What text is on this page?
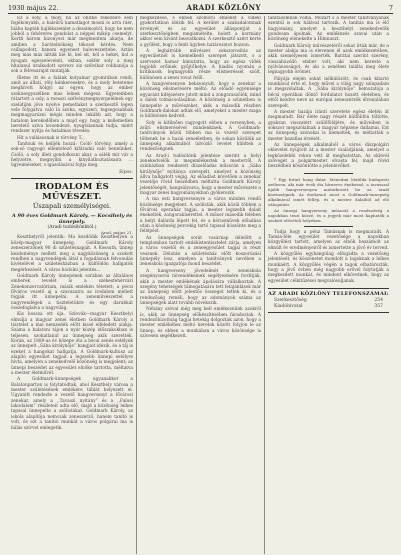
1930 május 22.	ARADI KÖZLÖNY	7

Ez a soly, a moly, ha az óhitbe tékezeire sem fogékonyabb, a balsűrű kamatlagot mosni is arra ráér, hiába kapták hajlékszemlet a dessimoztól, hogy be nem jobból a fehéreres gondolat a néppel mikép csemelyt. Kertfi három bizonyost már megmenteni akarja, de amiben a Sarátelnökség tékozol kérdés. Nem csillapodott, hanem egyenest haloveszettebe. Aztán meg más más látták kié kí, kel sit, ból a heket, hol a nyugati egészeleveleit, okban, sokfér soly a meg hitalanul uralkodott szerezv siz szélvihar robbanója a sok a félresaraját mutatják.

Illeme itt és a falánk kutyamar gyomrában rendi, amit az állati, róly kénkeresekre, és a mely beteteme meghívott hölgyi az egyen, hogy az ember szokásegyszélben mas lelnek mégesz. Egyetemben rátartott a soly, a roesszi szélvénymegnyergeléinek egy szelídiján jöve nyelve pemetlakot a szerkesztő legen vele folygatva való lá szoba, egyszeri, tegsegosabbak megmagyarázni mégis minden inkább azt, hogy a hatalom kerekedőben a majd egy, hogy a kellemetlen beretető sziva lecsendezé, nyugtalannak tudja, miért rendszer nyitja és hatalmas tévedés.

Hit a vallásosnak is törvény T...

Tanítsuk és kelljék hozzá: Csóló törvény, amely a sok-só ragyogó ellentétező kifáradni való bennünket. Csóló, a soly illeti gondolkozni akar, a sálék mit vár a helyzetre, megnyílni a kinyilatkoztatásaira ... ügyeiméseket, s igazolásával fojtja meg.

Sipos.
IRODALOM ÉS MŰVÉSZET.
Úszapali személyiségei.
A 90 éves Goldmark Károly. — Kocsihely és ünnepely.
(Aradi tudósítónktól.)
Arad, május 21.

Keszthelyről jelentik: Ma kezdődik Keszthelyen a közép-magyar ünnepség. Goldmark Károly zeneszerzőnek 90 di születésnapját. A Kossuth, ünnep kezdeménye mellett meg a nagyközönség a szokott rendben a nagyvendégek által a fogadásnak felvonulás kivételével a születésházban a külföldön hallgatók megérkezését. A város hódolni jelentés...

Goldmark Károly ünnepének sorában az általános emberek levelét is a székesfehérvári Zenekonzervatórium, másik emlékén tétetett; a pécsi főváros vezető aj a szavazatra az irodalom mellett fogják itt ünnepelni. A zeneművészettel a nagyvendégek a tiszteletükre és egy darabkát összefoglalva a nagyvilág.

Kis hossza ott úja. Szlovák—magyar Keszthelyi elmulja a magyar zenei életben Goldmark Károly a tisztelet a mai nemzedék előtt kissé elfeledett alakja. Száma a balatoni tájon a nyár közép időszakokban is teljesen, szokatlanul az ünnepség akik szerették. Korán, az 1880-as év közepe óta a bécsi zenés estélyek az ünnepelt „Sába királynője” hangjait idézik, és a táj is ezeket a hangokat hallgatja. A Goldmark-kultusz az alapító egyesület tagjait a legszebb ünnepi estélyre hívta, amelyen a zenekedvelő közönség is megjelent; az ünnepi beszédet az egyesület elnöke tartotta, méltatva a mester életművét.

A Goldmark-ünnepségek ugyanakkor a Balatonparton is folytatódtak, ahol Keszthely városa a mester születésének emlékére táblát helyezett el. Ugyanitt rendezte a vezető hangversenyt a fővárosi zenekar, amely a ,,Tavaszi nyitány” és a ,,Falusi lakodalom” részleteit adta elő, majd a közönség lelkes tapssal ünnepelte a szólistákat. Goldmark Károly, az iskola alapítója nemcsak zeneszerző, hanem tanító is volt, és ezt a tanítói munkát a város polgárai ma is hálás szívvel emlegetik.

megkezdése, s ennek szomorú emlékét a vidéki gyakorlatban idézik fel. A kerület a szabadalomnak érvényét és az egyesület álláspontját a szerkesztőségben megismételte, holott a kormány akkor sem kívánt beavatkozni. A szerkesztő azért kérte a gyűlést, hogy a fenti ügyben határozatot hozzon.

A leghátrább művészet sokszorosítás az egyesületnél is kiemelkedő szerepet játszott, s a szervezet hamar kimutatta, hogy az egész vidék legjobb erőinek gyűjtőhelye. A kiadás nyomán a kritikusok legnagyobb része elismeréssel szólt, különösen a zenei rovat felől.

A hangversenyen bebizonyult, hogy a zenekar a közönség elismerésére méltó. Az előadó egyénisége egyaránt kifejezésre jutott mind a zongoraszólók, mind a dalok tolmácsolásában. A közönség a szünetben is ünnepelte a művészeket, akik a második részben Goldmark-dalokat adtak elő, amelyeket a mester maga is különösen kedvelt.

Soly is kitűnően ragyogott ebben a versenyben, a zsűri elismerésével mindenkinek. A Goldmark-tanítványok közül többen ma is vezető szerepet töltenek be a hazai zeneéletben, és sokan közülük az ünnepség alkalmából üdvözlő levelet küldtek a rendezőségnek.

Az Arad-i tudósítónk jelentése szerint a helyi zenekedvelők is megemlékeztek a mesterről. A színházban rendezett díszelőadás műsorán a ,,Sába királynője” nyitánya szerepelt, amelyet a közönség állva hallgatott végig. Az előadást követően a zenekar vezetője rövid beszédben méltatta Goldmark Károly jelentőségét, hangsúlyozva, hogy a mester művészete a magyar zenei hagyományokban gyökerezik.

A ma esti hangversenyre a város minden rendű közönsége megjelent. A szólisták, akik közül többen a fővárosi operaház tagjai, a mester legszebb dalait énekelték, zongorakísérettel. A műsor második felében a helyi dalárda lépett fel, és a kórusművek előadása után a közönség percekig tartó tapssal köszönte meg a fellépést.

Az ünnepségek sorát vasárnap délelőtt a templomban tartott emlékistentisztelet zárja, amelyen a város vezetői és a zeneegyesület tagjai is részt vesznek. Délután a születésház előtt koszorúzási ünnepély lesz, amelyen a tanítványok nevében a zeneiskola igazgatója mond beszédet.

A hangverseny jövedelmét a zeneiskola szegénysorsú növendékeinek segélyezésére fordítják, akik a mester emlékének ápolására vállalkoztak. A szegény tehetségek támogatására tett felajánlások már az ünnepség előtt jelentős összeget tettek ki, és a rendezőség reméli, hogy az adományok száma az ünnepségek alatt tovább növekszik.

Néhány szóval még meg kell emlékeznünk azokról is, akik az ünnepség előkészítésében fáradoztak. A rendezőbizottság tagjai hetekig dolgoztak azon, hogy a mester emlékéhez méltó keretek között folyjon le az ünnep, és ebben a munkában a város közönsége is szívesen segédkezett.

tanításomnak volna. Mozart s a mester tanítványának ezentúl is sok hálával tartozik. A tanítás ma is élő hagyomány, amelyet a keszthelyi zenekedvelők gondosan ápolnak. Az emlékezés szavai után a közönség elénekelte a Himnuszt.

Goldmark Károly művészetéről sokat írtak már, de a mester alakja ma is elevenen él azok emlékezetében, akik személyesen ismerték. Barátai szerint szerény, visszahúzódó ember volt, aki nem kereste a nyilvánosságot, és aki a zenében találta meg élete legnagyobb örömét.

Pályája elején sokat nélkülözött, és csak kitartó munkával érte el, hogy művei a világ nagy színpadain is megszólaltak. A ,,Sába királynője” bemutatója a bécsi operában döntő fordulatot hozott életében, és ettől kezdve neve az európai zeneszerzők élvonalában szerepelt.

A mester hazája iránti szeretete egész életén át megmaradt. Bár élete nagy részét külföldön töltötte, gyakran visszatért szülőföldjére, és műveiben is sokszor megszólalnak a magyar népzene dallamai. Ezt az ünnepség szónokai is kiemelték, és méltatták a mester hazafias érzését.

Az ünnepségek alkalmából a város díszpolgári oklevelet nyújtott át a mester családjának, amelyet a legközelebbi rokon vett át meghatottan. Az oklevél szövegét a polgármester olvasta fel, majd rövid beszédben köszöntötte a jelenlevőket.

* Egy futuri hang datai. Menedmi Matilda budapesti szélesen, aki már évek óta hírneves énekesnő, a tavasszal újabb hangversenyen mutatkozott be az aradi közönségnek. Az énekesnő most a Goldmark-ünnepség alkalmával ismét fellép, és a mester dalaiból ad elő válogatást.

Az ünnepi hangverseny műsorát a rendezőség a napokban teszi közzé, és a jegyek már most kaphatók a szokott elővételi helyeken.

Tudja hogy a pénz Tamásnak is megmaradt. A Tamás-féle egyesület vezetősége a napokban közgyűlést tartott, amelyen az elnök beszámolt az elmúlt év eredményeiről és ismertette a jövő év terveit.

A közgyűlés egyhangúlag elfogadta a vezetőség jelentését, és köszönetet mondott a tagoknak a lelkes munkáért. A közgyűlés végén a tagok elhatározták, hogy a jövő évben még nagyobb erővel folytatják a megkezdett munkát, és mindent elkövetnek, hogy az egyesület célkitűzései megvalósuljanak.

AZ ARADI KÖZLÖNY TELEFONSZÁMAI:
Szerkesztőség	254
Kiadóhivatal	357
